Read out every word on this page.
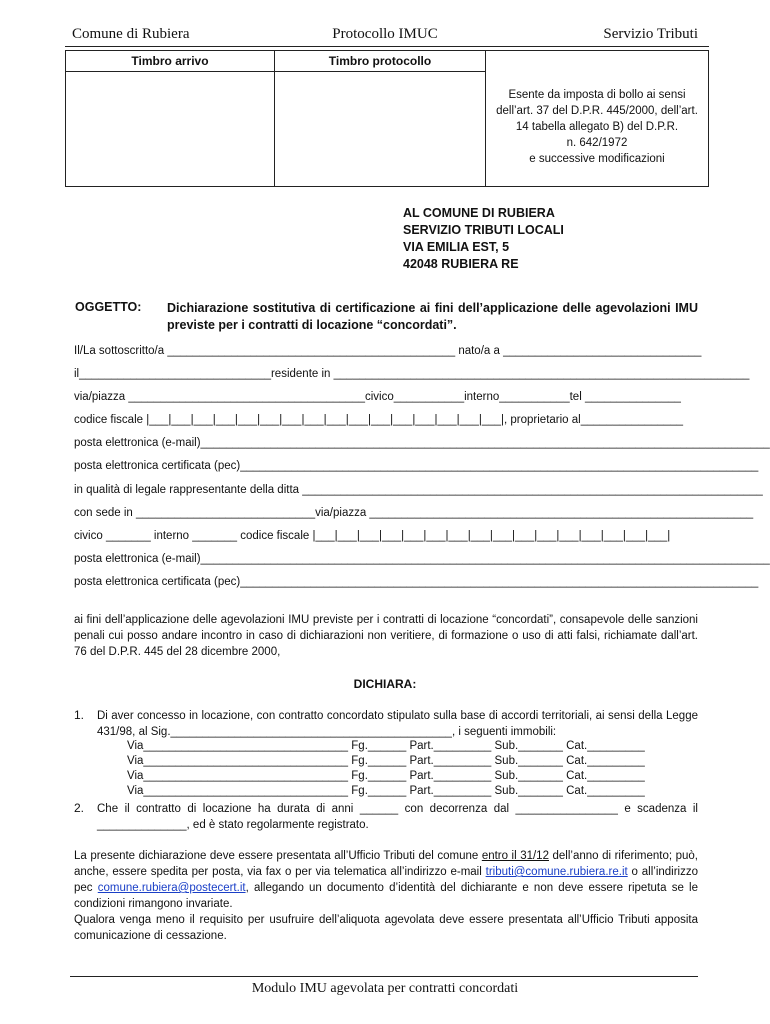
Comune di Rubiera	Protocollo IMUC	Servizio Tributi
Timbro arrivo	Timbro protocollo
Esente da imposta di bollo ai sensi
dell’art. 37 del D.P.R. 445/2000, dell’art.
14 tabella allegato B) del D.P.R.
n. 642/1972
e successive modificazioni
AL COMUNE DI RUBIERA
SERVIZIO TRIBUTI LOCALI
VIA EMILIA EST, 5
42048 RUBIERA RE
OGGETTO: Dichiarazione sostitutiva di certificazione ai fini dell’applicazione delle agevolazioni IMU previste per i contratti di locazione “concordati”.
Il/La sottoscritto/a _____________________________________________ nato/a a _______________________________
il______________________________residente in _________________________________________________________________
via/piazza _____________________________________civico___________interno___________tel _______________
codice fiscale |___|___|___|___|___|___|___|___|___|___|___|___|___|___|___|___|, proprietario al________________
posta elettronica (e-mail)_________________________________________________________________________________________
posta elettronica certificata (pec)_________________________________________________________________________________
in qualità di legale rappresentante della ditta ________________________________________________________________________
con sede in ____________________________via/piazza ____________________________________________________________
civico _______ interno _______ codice fiscale |___|___|___|___|___|___|___|___|___|___|___|___|___|___|___|___|
posta elettronica (e-mail)_________________________________________________________________________________________
posta elettronica certificata (pec)_________________________________________________________________________________
ai fini dell’applicazione delle agevolazioni IMU previste per i contratti di locazione “concordati”, consapevole delle sanzioni penali cui posso andare incontro in caso di dichiarazioni non veritiere, di formazione o uso di atti falsi, richiamate dall’art. 76 del D.P.R. 445 del 28 dicembre 2000,
DICHIARA:
1. Di aver concesso in locazione, con contratto concordato stipulato sulla base di accordi territoriali, ai sensi della Legge 431/98, al Sig.____________________________________________, i seguenti immobili:
Via________________________________ Fg.______ Part._________ Sub._______ Cat._________
Via________________________________ Fg.______ Part._________ Sub._______ Cat._________
Via________________________________ Fg.______ Part._________ Sub._______ Cat._________
Via________________________________ Fg.______ Part._________ Sub._______ Cat._________
2. Che il contratto di locazione ha durata di anni ______ con decorrenza dal ________________ e scadenza il ______________, ed è stato regolarmente registrato.
La presente dichiarazione deve essere presentata all’Ufficio Tributi del comune entro il 31/12 dell’anno di riferimento; può, anche, essere spedita per posta, via fax o per via telematica all’indirizzo e-mail tributi@comune.rubiera.re.it o all’indirizzo pec comune.rubiera@postecert.it, allegando un documento d’identità del dichiarante e non deve essere ripetuta se le condizioni rimangono invariate.
Qualora venga meno il requisito per usufruire dell’aliquota agevolata deve essere presentata all’Ufficio Tributi apposita comunicazione di cessazione.
Modulo IMU agevolata per contratti concordati
